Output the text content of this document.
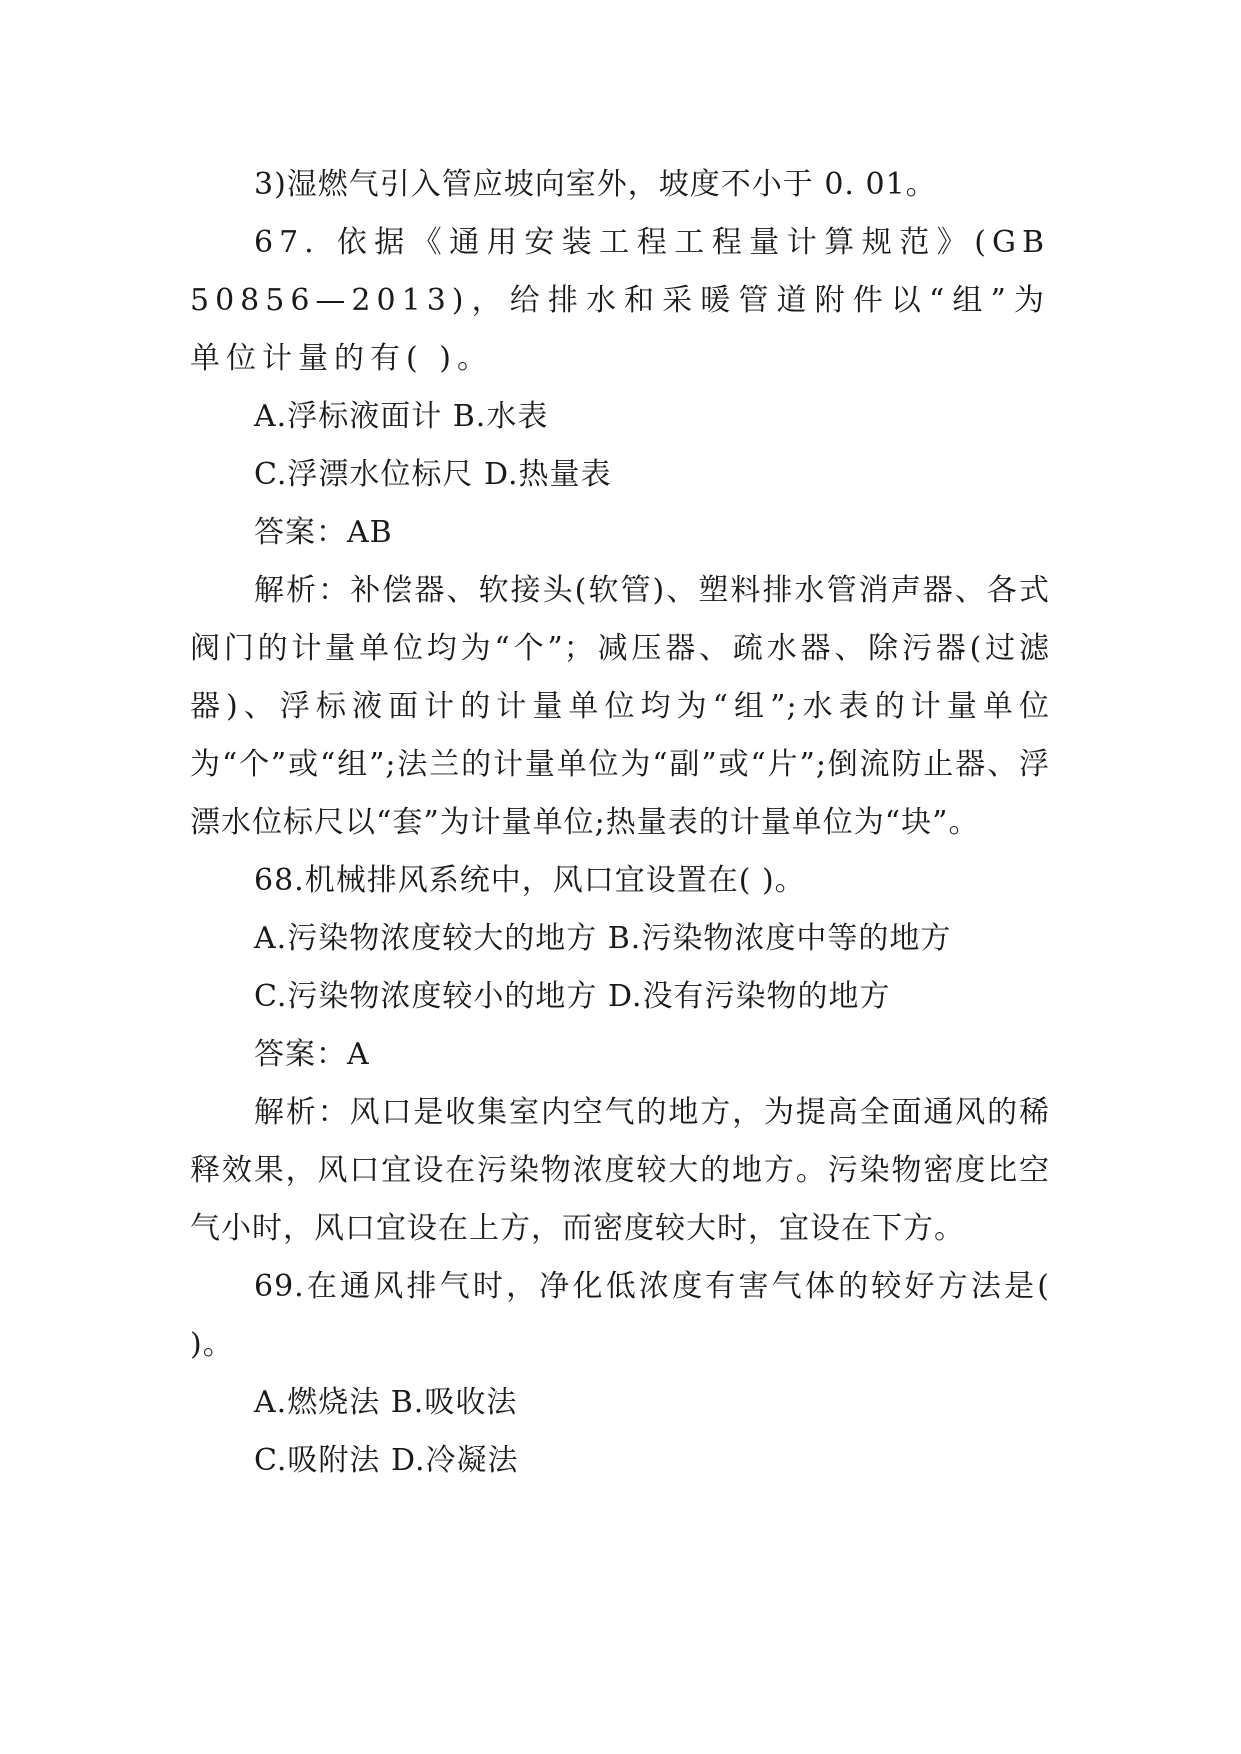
3)湿燃气引入管应坡向室外，坡度不小于 0. 01。

67. 依据《通用安装工程工程量计算规范》(GB 50856—2013)，给排水和采暖管道附件以“组”为单位计量的有( )。

A.浮标液面计 B.水表

C.浮漂水位标尺 D.热量表

答案：AB

解析：补偿器、软接头(软管)、塑料排水管消声器、各式阀门的计量单位均为“个”；减压器、疏水器、除污器(过滤器)、浮标液面计的计量单位均为“组”;水表的计量单位为“个”或“组”;法兰的计量单位为“副”或“片”;倒流防止器、浮漂水位标尺以“套”为计量单位;热量表的计量单位为“块”。

68.机械排风系统中，风口宜设置在( )。

A.污染物浓度较大的地方 B.污染物浓度中等的地方

C.污染物浓度较小的地方 D.没有污染物的地方

答案：A

解析：风口是收集室内空气的地方，为提高全面通风的稀释效果，风口宜设在污染物浓度较大的地方。污染物密度比空气小时，风口宜设在上方，而密度较大时，宜设在下方。

69.在通风排气时，净化低浓度有害气体的较好方法是( )。

A.燃烧法 B.吸收法

C.吸附法 D.冷凝法
